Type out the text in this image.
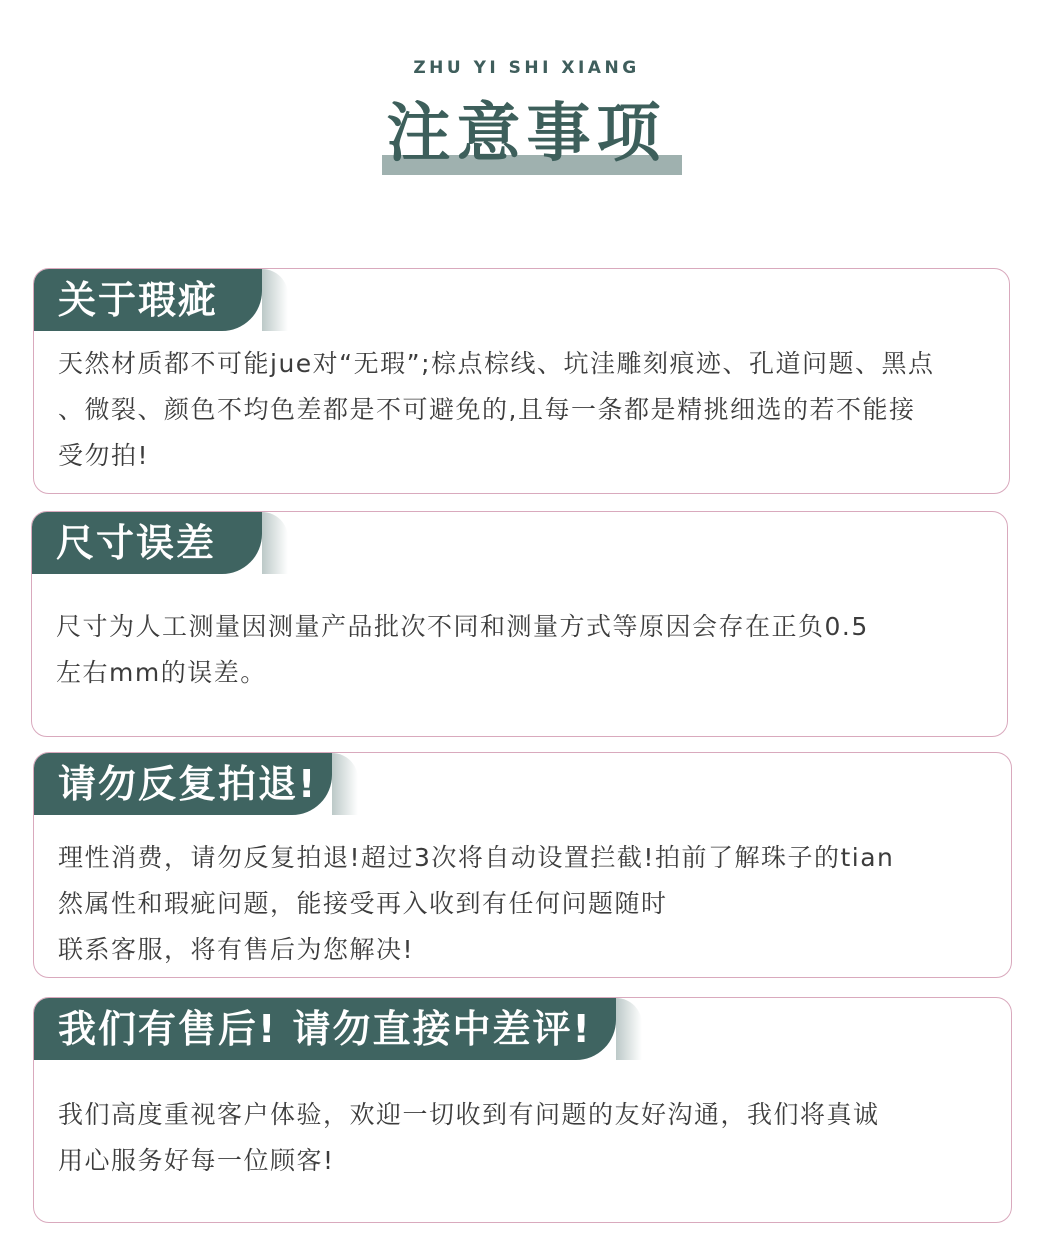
ZHU YI SHI XIANG
注意事项
关于瑕疵

天然材质都不可能jue对“无瑕”;棕点棕线、坑洼雕刻痕迹、孔道问题、黑点

、微裂、颜色不均色差都是不可避免的,且每一条都是精挑细选的若不能接

受勿拍!

尺寸误差

尺寸为人工测量因测量产品批次不同和测量方式等原因会存在正负0.5

左右mm的误差。

请勿反复拍退!

理性消费，请勿反复拍退!超过3次将自动设置拦截!拍前了解珠子的tian

然属性和瑕疵问题，能接受再入收到有任何问题随时

联系客服，将有售后为您解决!

我们有售后! 请勿直接中差评!

我们高度重视客户体验，欢迎一切收到有问题的友好沟通，我们将真诚

用心服务好每一位顾客!
